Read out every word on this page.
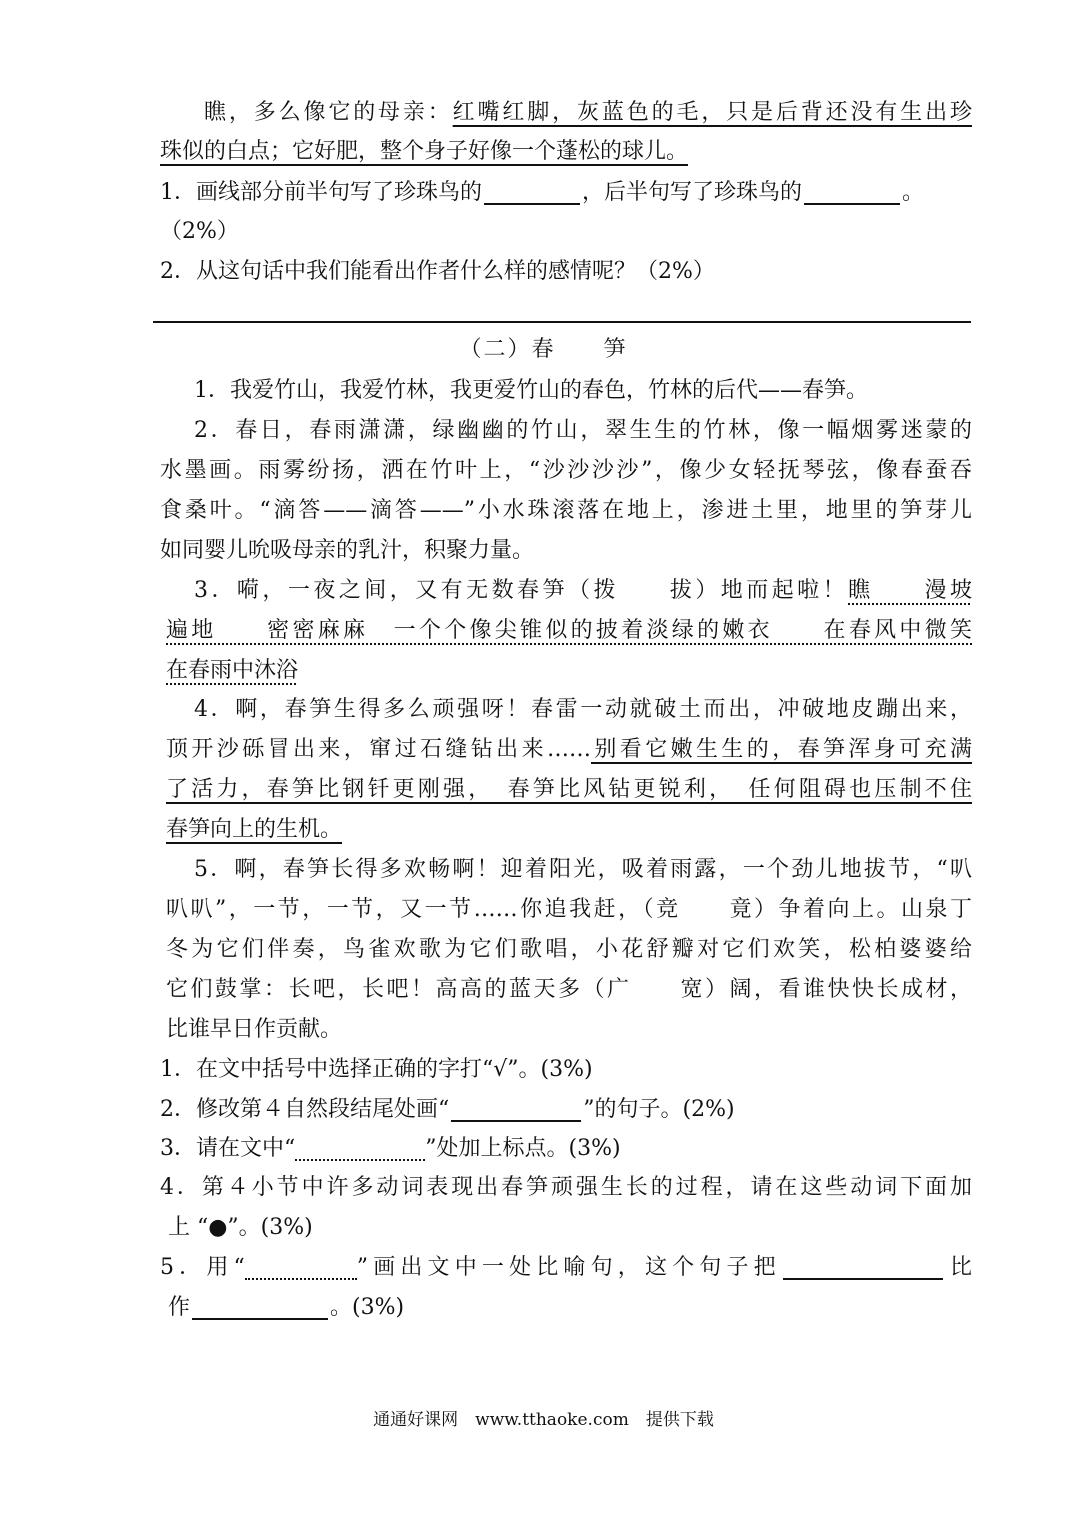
瞧，多么像它的母亲：红嘴红脚，灰蓝色的毛，只是后背还没有生出珍
珠似的白点；它好肥，整个身子好像一个蓬松的球儿。
1．画线部分前半句写了珍珠鸟的	，后半句写了珍珠鸟的	。
（2%）
2．从这句话中我们能看出作者什么样的感情呢？（2%）
（二）春　　笋
1．我爱竹山，我爱竹林，我更爱竹山的春色，竹林的后代——春笋。
2．春日，春雨潇潇，绿幽幽的竹山，翠生生的竹林，像一幅烟雾迷蒙的
水墨画。雨雾纷扬，洒在竹叶上，“沙沙沙沙”，像少女轻抚琴弦，像春蚕吞
食桑叶。“滴答——滴答——”小水珠滚落在地上，渗进土里，地里的笋芽儿
如同婴儿吮吸母亲的乳汁，积聚力量。
3．嗬，一夜之间，又有无数春笋（拨　　拔）地而起啦！瞧　　漫坡
遍地　　密密麻麻　一个个像尖锥似的披着淡绿的嫩衣　　在春风中微笑
在春雨中沐浴
4．啊，春笋生得多么顽强呀！春雷一动就破土而出，冲破地皮蹦出来，
顶开沙砾冒出来，窜过石缝钻出来……别看它嫩生生的，春笋浑身可充满
了活力，春笋比钢钎更刚强，　春笋比风钻更锐利，　任何阻碍也压制不住
春笋向上的生机。
5．啊，春笋长得多欢畅啊！迎着阳光，吸着雨露，一个劲儿地拔节，“叭
叭叭”，一节，一节，又一节……你追我赶，（竞　　竟）争着向上。山泉丁
冬为它们伴奏，鸟雀欢歌为它们歌唱，小花舒瓣对它们欢笑，松柏婆婆给
它们鼓掌：长吧，长吧！高高的蓝天多（广　　宽）阔，看谁快快长成材，
比谁早日作贡献。
1．在文中括号中选择正确的字打“√”。(3%)
2．修改第４自然段结尾处画“	”的句子。(2%)
3．请在文中“	”处加上标点。(3%)
4．第４小节中许多动词表现出春笋顽强生长的过程，请在这些动词下面加
上 “●”。(3%)
5．用“	”画出文中一处比喻句，这个句子把	比
作	。(3%)
通通好课网　www.tthaoke.com　提供下载
